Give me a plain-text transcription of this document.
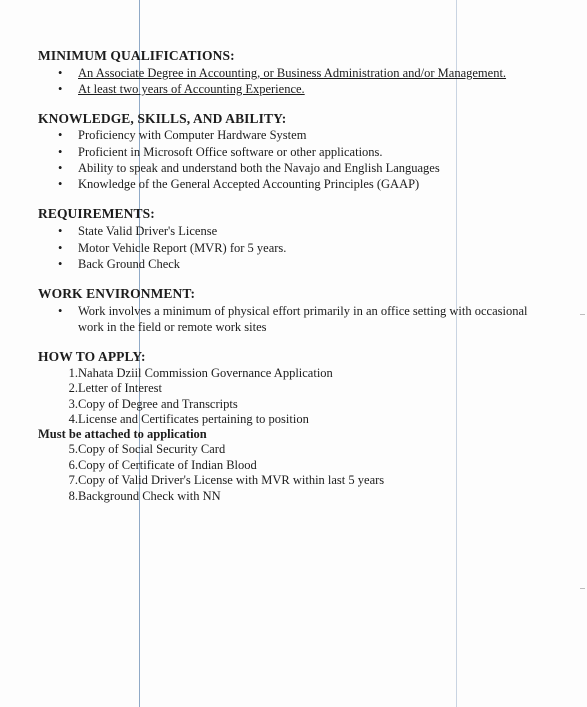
MINIMUM QUALIFICATIONS:
• An Associate Degree in Accounting, or Business Administration and/or Management.
• At least two years of Accounting Experience.
KNOWLEDGE, SKILLS, AND ABILITY:
• Proficiency with Computer Hardware System
• Proficient in Microsoft Office software or other applications.
• Ability to speak and understand both the Navajo and English Languages
• Knowledge of the General Accepted Accounting Principles (GAAP)
REQUIREMENTS:
• State Valid Driver's License
• Motor Vehicle Report (MVR) for 5 years.
• Back Ground Check
WORK ENVIRONMENT:
• Work involves a minimum of physical effort primarily in an office setting with occasional
work in the field or remote work sites
HOW TO APPLY:
1.Nahata Dziil Commission Governance Application
2.Letter of Interest
3.Copy of Degree and Transcripts
4.License and Certificates pertaining to position
Must be attached to application
5.Copy of Social Security Card
6.Copy of Certificate of Indian Blood
7.Copy of Valid Driver's License with MVR within last 5 years
8.Background Check with NN
